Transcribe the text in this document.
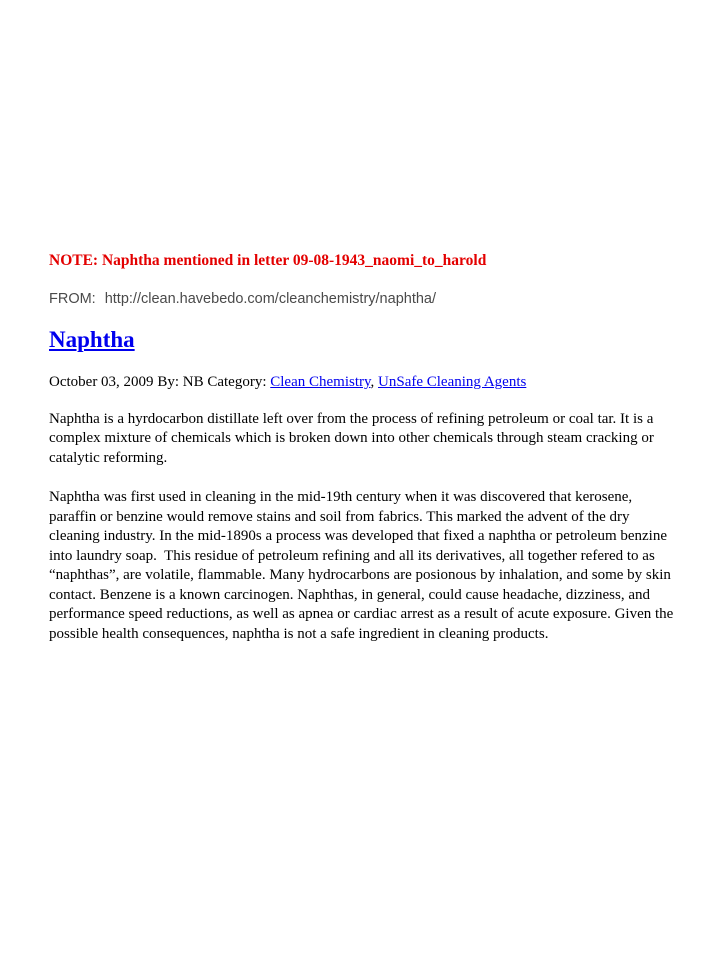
NOTE: Naphtha mentioned in letter 09-08-1943_naomi_to_harold
FROM: http://clean.havebedo.com/cleanchemistry/naphtha/
Naphtha
October 03, 2009 By: NB Category: Clean Chemistry, UnSafe Cleaning Agents

Naphtha is a hyrdocarbon distillate left over from the process of refining petroleum or coal tar. It is a complex mixture of chemicals which is broken down into other chemicals through steam cracking or catalytic reforming.

Naphtha was first used in cleaning in the mid-19th century when it was discovered that kerosene, paraffin or benzine would remove stains and soil from fabrics. This marked the advent of the dry cleaning industry. In the mid-1890s a process was developed that fixed a naphtha or petroleum benzine into laundry soap.  This residue of petroleum refining and all its derivatives, all together refered to as “naphthas”, are volatile, flammable. Many hydrocarbons are posionous by inhalation, and some by skin contact. Benzene is a known carcinogen. Naphthas, in general, could cause headache, dizziness, and performance speed reductions, as well as apnea or cardiac arrest as a result of acute exposure. Given the possible health consequences, naphtha is not a safe ingredient in cleaning products.
